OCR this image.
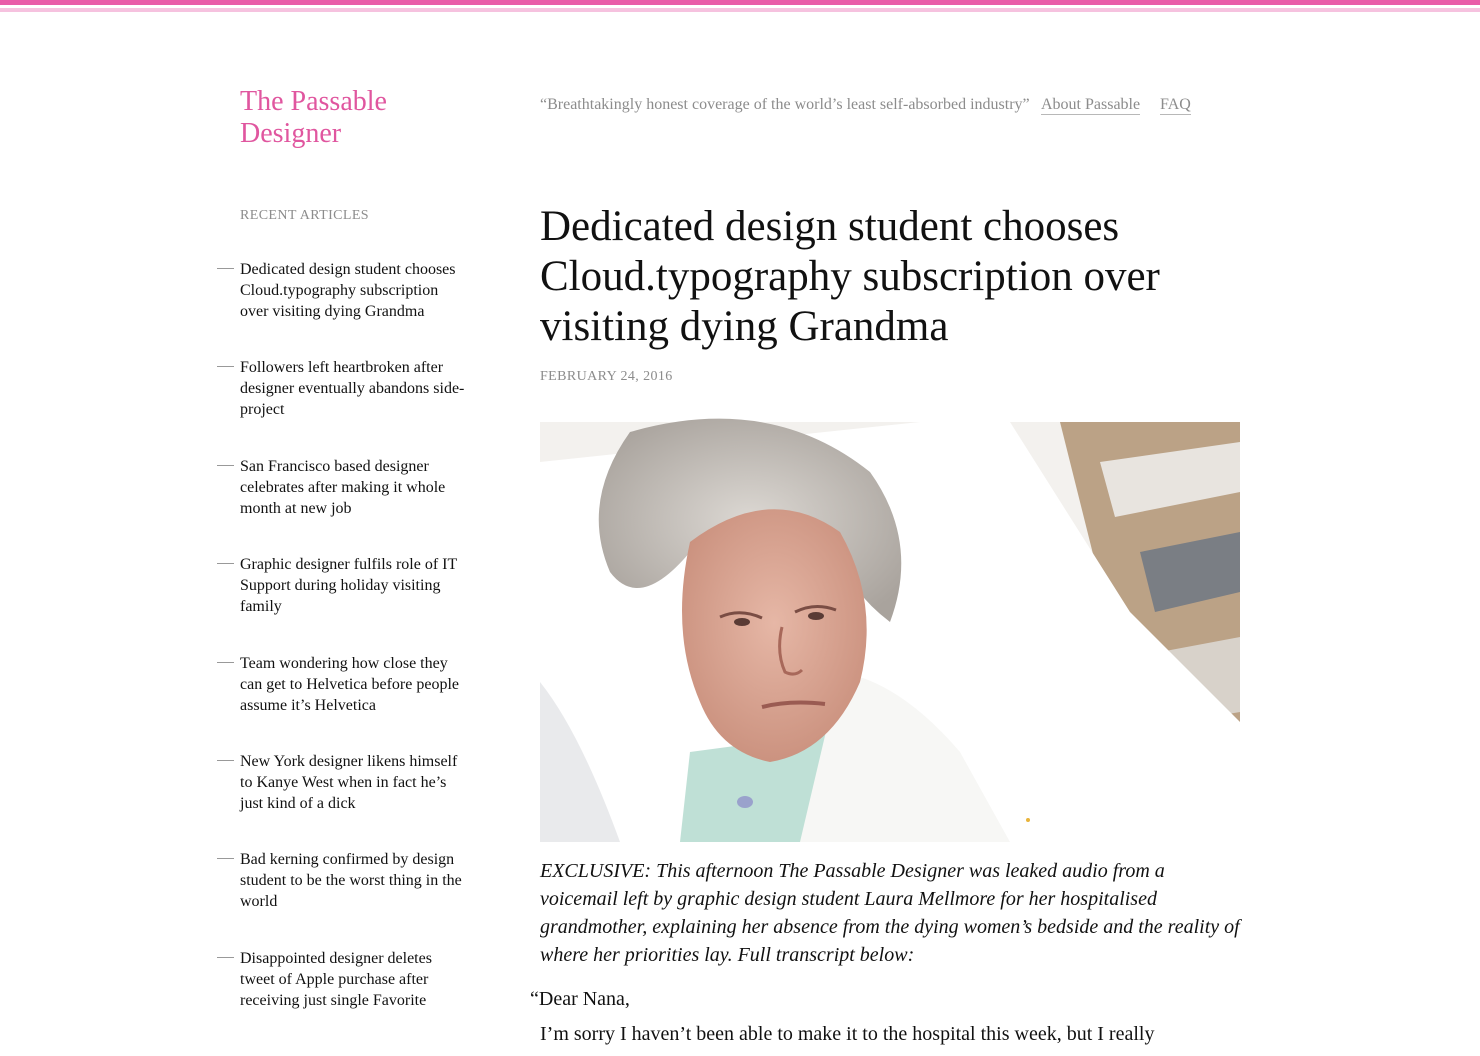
The Passable Designer
“Breathtakingly honest coverage of the world’s least self-absorbed industry” About Passable FAQ
RECENT ARTICLES
Dedicated design student chooses Cloud.typography subscription over visiting dying Grandma
Followers left heartbroken after designer eventually abandons side-project
San Francisco based designer celebrates after making it whole month at new job
Graphic designer fulfils role of IT Support during holiday visiting family
Team wondering how close they can get to Helvetica before people assume it’s Helvetica
New York designer likens himself to Kanye West when in fact he’s just kind of a dick
Bad kerning confirmed by design student to be the worst thing in the world
Disappointed designer deletes tweet of Apple purchase after receiving just single Favorite
Dedicated design student chooses Cloud.typography subscription over visiting dying Grandma
FEBRUARY 24, 2016

EXCLUSIVE: This afternoon The Passable Designer was leaked audio from a voicemail left by graphic design student Laura Mellmore for her hospitalised grandmother, explaining her absence from the dying women’s bedside and the reality of where her priorities lay. Full transcript below:

“Dear Nana,

I’m sorry I haven’t been able to make it to the hospital this week, but I really
